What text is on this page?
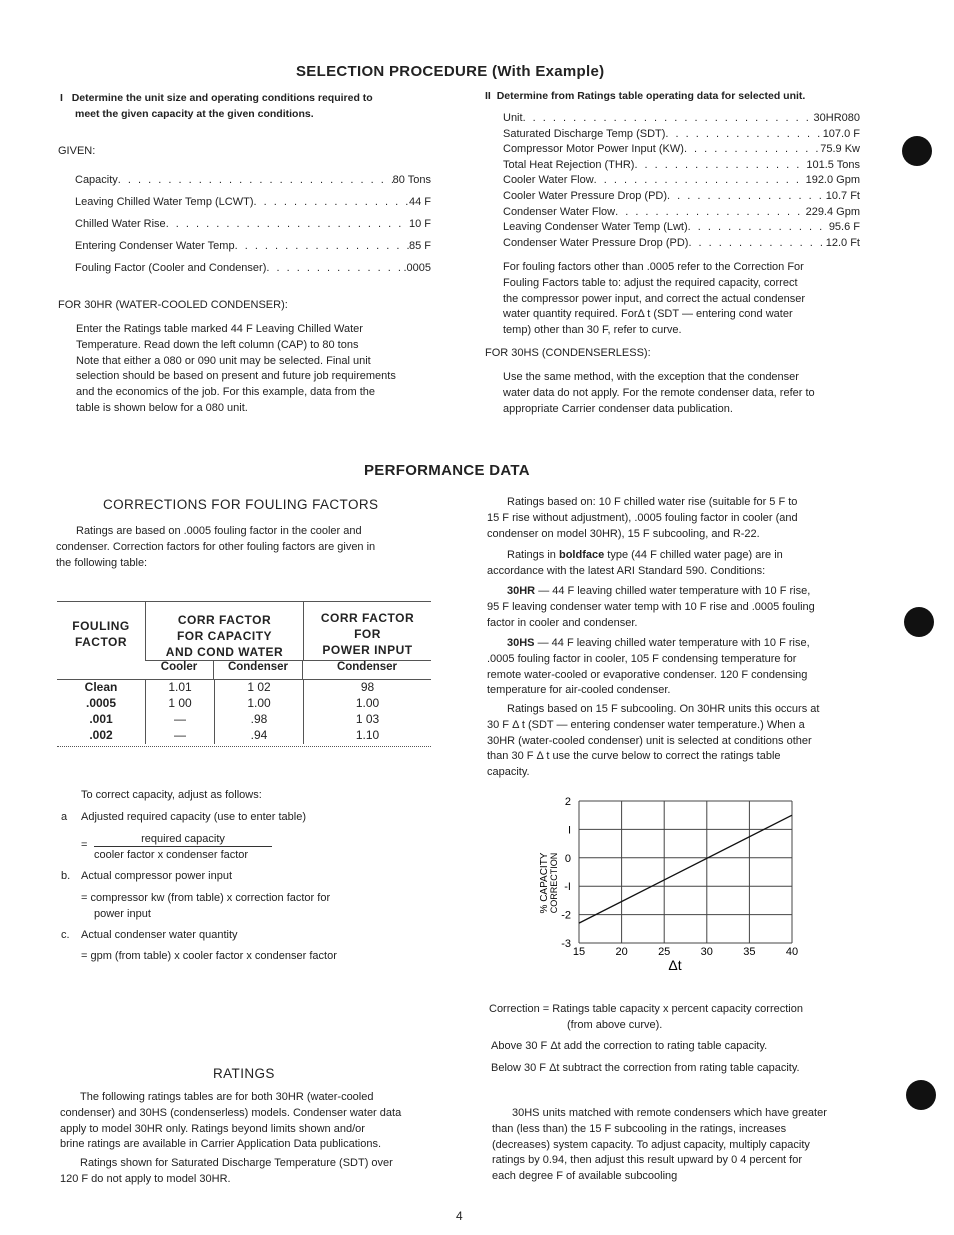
SELECTION PROCEDURE (With Example)
I Determine the unit size and operating conditions required to
meet the given capacity at the given conditions.
GIVEN:
Capacity . . .	80 Tons
Leaving Chilled Water Temp (LCWT) . . .	44 F
Chilled Water Rise . . .	10 F
Entering Condenser Water Temp . . .	85 F
Fouling Factor (Cooler and Condenser) . . .	.0005
FOR 30HR (WATER-COOLED CONDENSER):
Enter the Ratings table marked 44 F Leaving Chilled Water
Temperature. Read down the left column (CAP) to 80 tons
Note that either a 080 or 090 unit may be selected. Final unit
selection should be based on present and future job requirements
and the economics of the job. For this example, data from the
table is shown below for a 080 unit.
II Determine from Ratings table operating data for selected unit.
Unit . . .	30HR080
Saturated Discharge Temp (SDT) . . .	107.0 F
Compressor Motor Power Input (KW) . . .	75.9 Kw
Total Heat Rejection (THR) . . .	101.5 Tons
Cooler Water Flow . . .	192.0 Gpm
Cooler Water Pressure Drop (PD) . . .	10.7 Ft
Condenser Water Flow . . .	229.4 Gpm
Leaving Condenser Water Temp (Lwt) . . .	95.6 F
Condenser Water Pressure Drop (PD) . . .	12.0 Ft
For fouling factors other than .0005 refer to the Correction For
Fouling Factors table to: adjust the required capacity, correct
the compressor power input, and correct the actual condenser
water quantity required. ForΔ t (SDT — entering cond water
temp) other than 30 F, refer to curve.
FOR 30HS (CONDENSERLESS):
Use the same method, with the exception that the condenser
water data do not apply. For the remote condenser data, refer to
appropriate Carrier condenser data publication.
PERFORMANCE DATA
CORRECTIONS FOR FOULING FACTORS
Ratings are based on .0005 fouling factor in the cooler and
condenser. Correction factors for other fouling factors are given in
the following table:
FOULING
FACTOR
CORR FACTOR
FOR CAPACITY
AND COND WATER
CORR FACTOR
FOR
POWER INPUT
Cooler	Condenser	Condenser
Clean	1.01	1 02	98
.0005	1 00	1.00	1.00
.001	—	.98	1 03
.002	—	.94	1.10
To correct capacity, adjust as follows:
a Adjusted required capacity (use to enter table)
=	required capacity
cooler factor x condenser factor
b. Actual compressor power input
= compressor kw (from table) x correction factor for
power input
c. Actual condenser water quantity
= gpm (from table) x cooler factor x condenser factor
RATINGS
The following ratings tables are for both 30HR (water-cooled
condenser) and 30HS (condenserless) models. Condenser water data
apply to model 30HR only. Ratings beyond limits shown and/or
brine ratings are available in Carrier Application Data publications.
Ratings shown for Saturated Discharge Temperature (SDT) over
120 F do not apply to model 30HR.
Ratings based on: 10 F chilled water rise (suitable for 5 F to
15 F rise without adjustment), .0005 fouling factor in cooler (and
condenser on model 30HR), 15 F subcooling, and R-22.
Ratings in boldface type (44 F chilled water page) are in
accordance with the latest ARI Standard 590. Conditions:
30HR — 44 F leaving chilled water temperature with 10 F rise,
95 F leaving condenser water temp with 10 F rise and .0005 fouling
factor in cooler and condenser.
30HS — 44 F leaving chilled water temperature with 10 F rise,
.0005 fouling factor in cooler, 105 F condensing temperature for
remote water-cooled or evaporative condenser. 120 F condensing
temperature for air-cooled condenser.
Ratings based on 15 F subcooling. On 30HR units this occurs at
30 F Δ t (SDT — entering condenser water temperature.) When a
30HR (water-cooled condenser) unit is selected at conditions other
than 30 F Δ t use the curve below to correct the ratings table
capacity.
15	20	25	30	35	40
2
I
0
-I
-2
-3
% CAPACITY CORRECTION
Δt
Correction = Ratings table capacity x percent capacity correction
(from above curve).
Above 30 F Δt add the correction to rating table capacity.
Below 30 F Δt subtract the correction from rating table capacity.
30HS units matched with remote condensers which have greater
than (less than) the 15 F subcooling in the ratings, increases
(decreases) system capacity. To adjust capacity, multiply capacity
ratings by 0.94, then adjust this result upward by 0 4 percent for
each degree F of available subcooling
4
